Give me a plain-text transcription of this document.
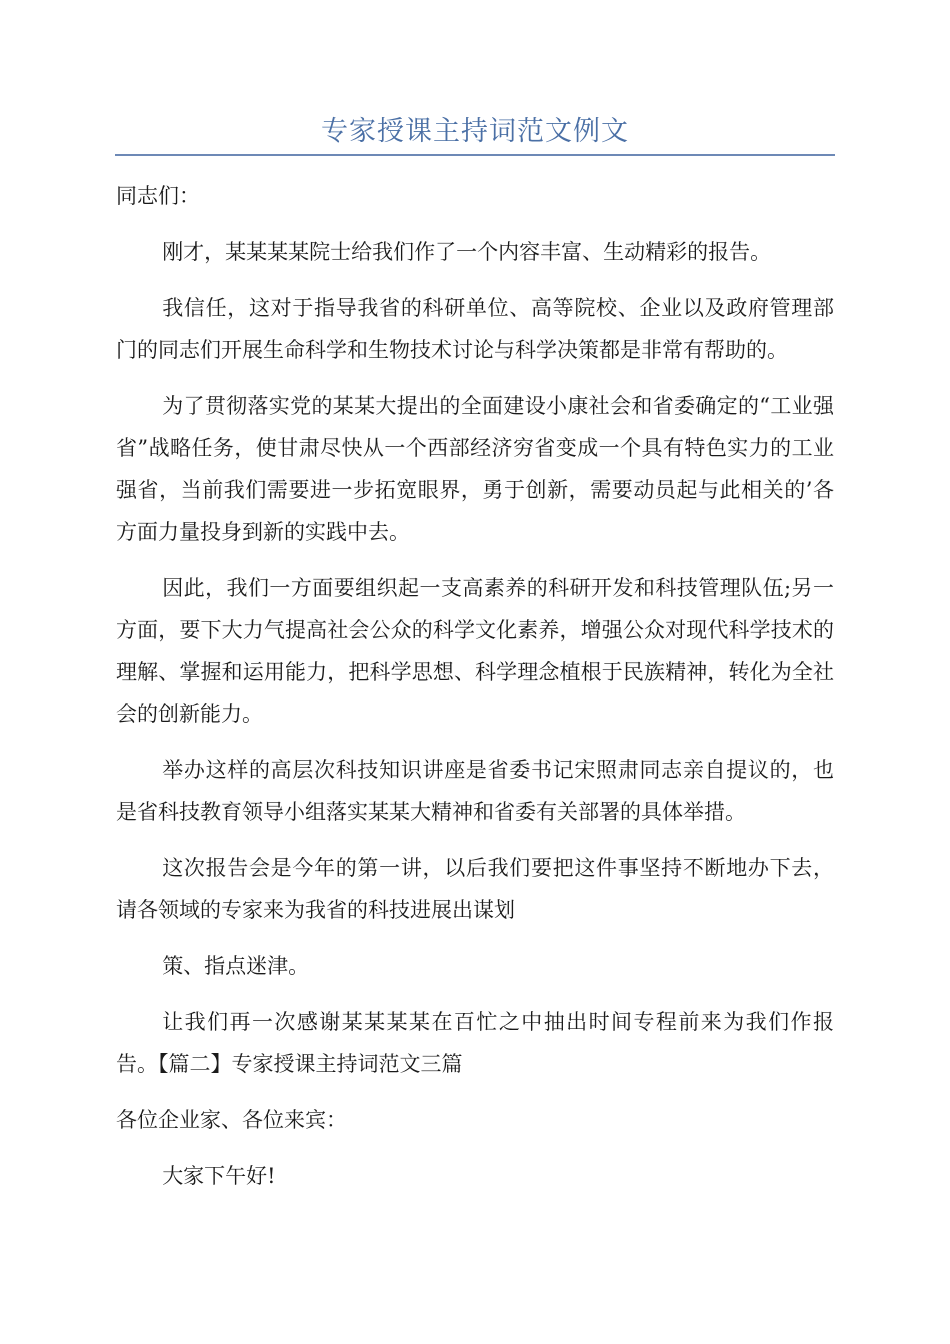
专家授课主持词范文例文

同志们：

刚才，某某某某院士给我们作了一个内容丰富、生动精彩的报告。

我信任，这对于指导我省的科研单位、高等院校、企业以及政府管理部门的同志们开展生命科学和生物技术讨论与科学决策都是非常有帮助的。

为了贯彻落实党的某某大提出的全面建设小康社会和省委确定的“工业强省”战略任务，使甘肃尽快从一个西部经济穷省变成一个具有特色实力的工业强省，当前我们需要进一步拓宽眼界，勇于创新，需要动员起与此相关的’各方面力量投身到新的实践中去。

因此，我们一方面要组织起一支高素养的科研开发和科技管理队伍;另一方面，要下大力气提高社会公众的科学文化素养，增强公众对现代科学技术的理解、掌握和运用能力，把科学思想、科学理念植根于民族精神，转化为全社会的创新能力。

举办这样的高层次科技知识讲座是省委书记宋照肃同志亲自提议的，也是省科技教育领导小组落实某某大精神和省委有关部署的具体举措。

这次报告会是今年的第一讲，以后我们要把这件事坚持不断地办下去，请各领域的专家来为我省的科技进展出谋划

策、指点迷津。

让我们再一次感谢某某某某在百忙之中抽出时间专程前来为我们作报告。【篇二】专家授课主持词范文三篇

各位企业家、各位来宾：

大家下午好!
